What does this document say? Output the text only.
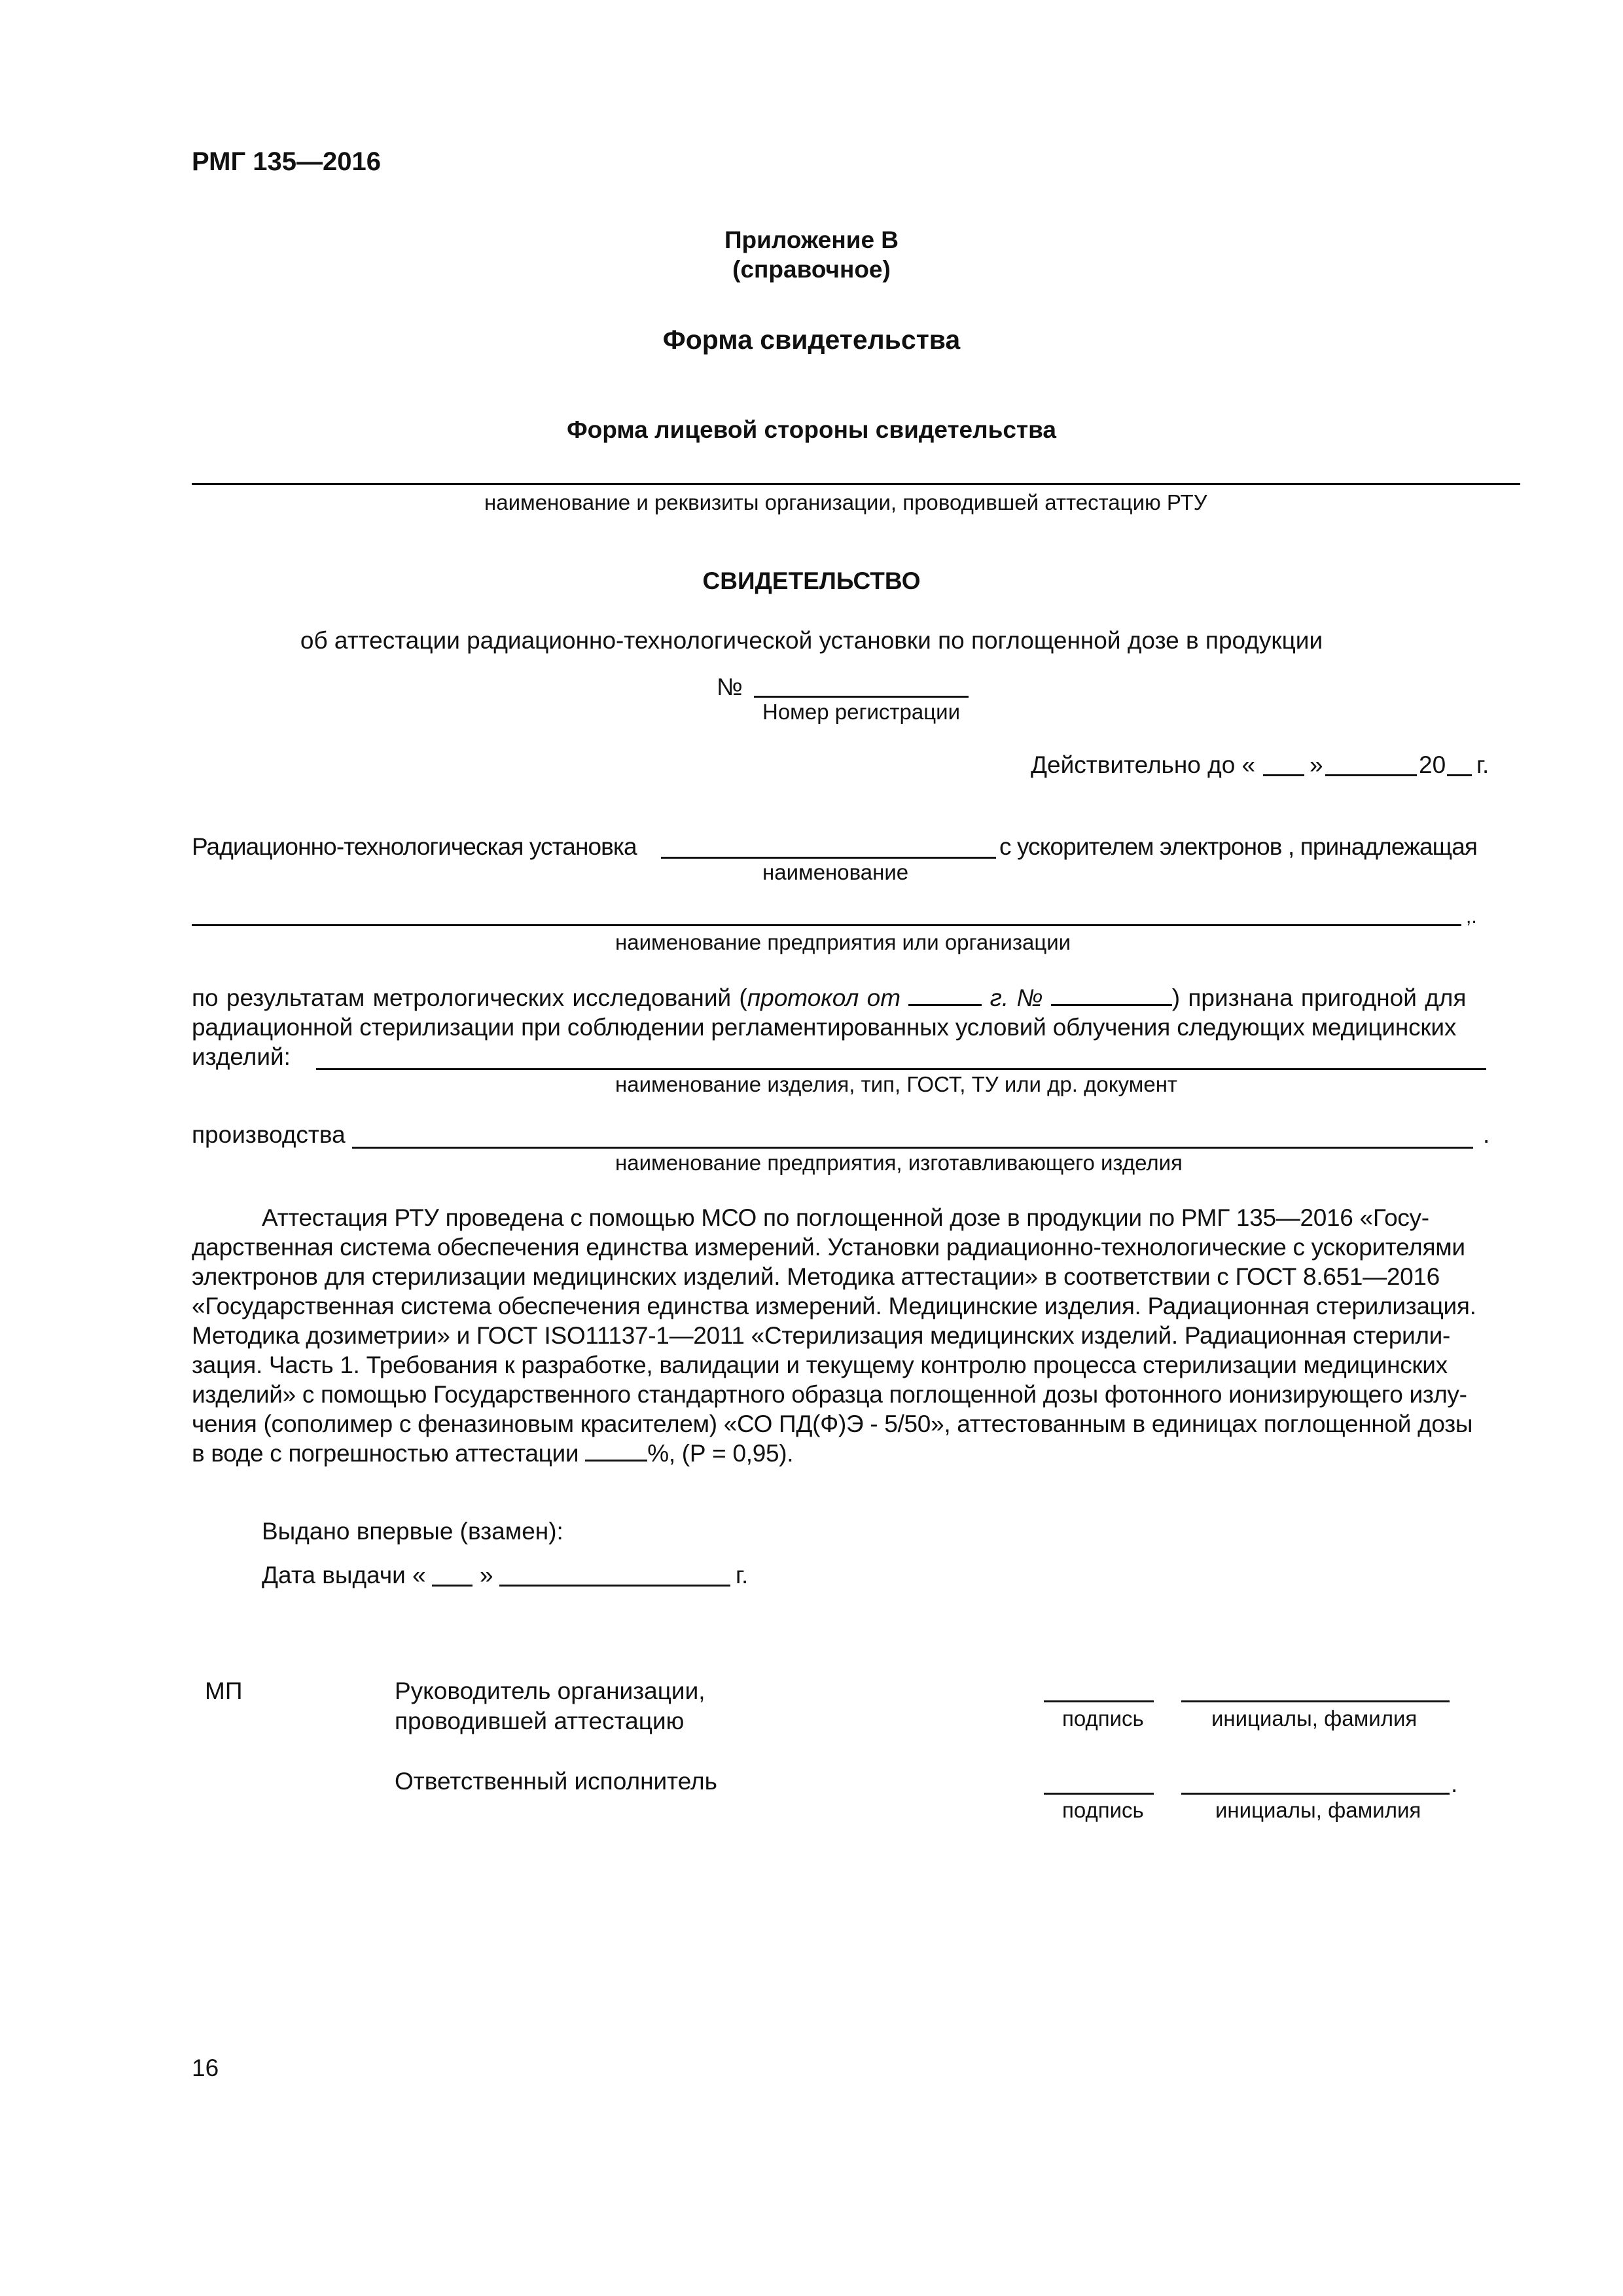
РМГ 135—2016
Приложение В
(справочное)
Форма свидетельства
Форма лицевой стороны свидетельства
наименование и реквизиты организации, проводившей аттестацию РТУ
СВИДЕТЕЛЬСТВО
об аттестации радиационно-технологической установки по поглощенной дозе в продукции
№
Номер регистрации
Действительно до « »	20 г.
Радиационно-технологическая установка	с ускорителем электронов , принадлежащая
наименование
,.
наименование предприятия или организации
по результатам метрологических исследований (протокол от	г. №	) признана пригодной для
радиационной стерилизации при соблюдении регламентированных условий облучения следующих медицинских
изделий:
наименование изделия, тип, ГОСТ, ТУ или др. документ
производства	.
наименование предприятия, изготавливающего изделия
Аттестация РТУ проведена с помощью МСО по поглощенной дозе в продукции по РМГ 135—2016 «Госу-
дарственная система обеспечения единства измерений. Установки радиационно-технологические с ускорителями
электронов для стерилизации медицинских изделий. Методика аттестации» в соответствии с ГОСТ 8.651—2016
«Государственная система обеспечения единства измерений. Медицинские изделия. Радиационная стерилизация.
Методика дозиметрии» и ГОСТ ISO11137-1—2011 «Стерилизация медицинских изделий. Радиационная стерили-
зация. Часть 1. Требования к разработке, валидации и текущему контролю процесса стерилизации медицинских
изделий» с помощью Государственного стандартного образца поглощенной дозы фотонного ионизирующего излу-
чения (сополимер с феназиновым красителем) «СО ПД(Ф)Э - 5/50», аттестованным в единицах поглощенной дозы
в воде с погрешностью аттестации	%, (Р = 0,95).
Выдано впервые (взамен):
Дата выдачи « »	г.
МП	Руководитель организации,
проводившей аттестацию	подпись	инициалы, фамилия
Ответственный исполнитель	.
подпись	инициалы, фамилия
16
